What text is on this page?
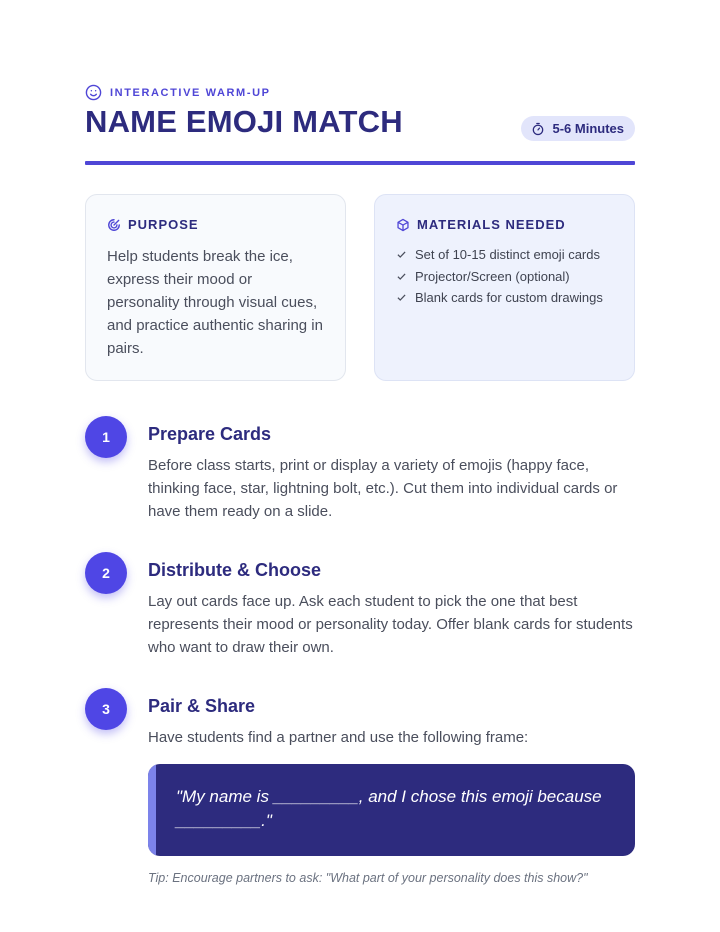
INTERACTIVE WARM-UP
NAME EMOJI MATCH	5-6 Minutes
PURPOSE

Help students break the ice, express their mood or personality through visual cues, and practice authentic sharing in pairs.

MATERIALS NEEDED
Set of 10-15 distinct emoji cards
Projector/Screen (optional)
Blank cards for custom drawings
1	Prepare Cards

Before class starts, print or display a variety of emojis (happy face, thinking face, star, lightning bolt, etc.). Cut them into individual cards or have them ready on a slide.

2	Distribute & Choose

Lay out cards face up. Ask each student to pick the one that best represents their mood or personality today. Offer blank cards for students who want to draw their own.

3	Pair & Share

Have students find a partner and use the following frame:

"My name is _________, and I chose this emoji because _________."

Tip: Encourage partners to ask: "What part of your personality does this show?"
